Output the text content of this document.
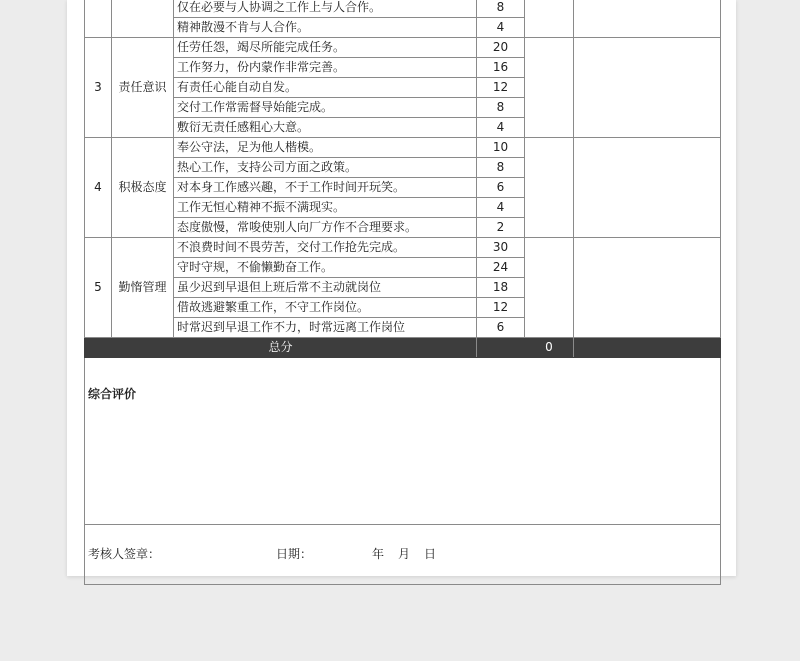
		仅在必要与人协调之工作上与人合作。	8		
		精神散漫不肯与人合作。	4		
3	责任意识	任劳任怨，竭尽所能完成任务。	20		
		工作努力，份内蒙作非常完善。	16		
		有责任心能自动自发。	12		
		交付工作常需督导始能完成。	8		
		敷衍无责任感粗心大意。	4		
4	积极态度	奉公守法，足为他人楷模。	10		
		热心工作，支持公司方面之政策。	8		
		对本身工作感兴趣，不于工作时间开玩笑。	6		
		工作无恒心精神不振不满现实。	4		
		态度傲慢，常唆使别人向厂方作不合理要求。	2		
5	勤惰管理	不浪费时间不畏劳苦，交付工作抢先完成。	30		
		守时守规，不偷懒勤奋工作。	24		
		虽少迟到早退但上班后常不主动就岗位	18		
		借故逃避繁重工作，不守工作岗位。	12		
		时常迟到早退工作不力，时常远离工作岗位	6		
总分				0	
综合评价					

考核人签章： 日期： 年 月 日					
